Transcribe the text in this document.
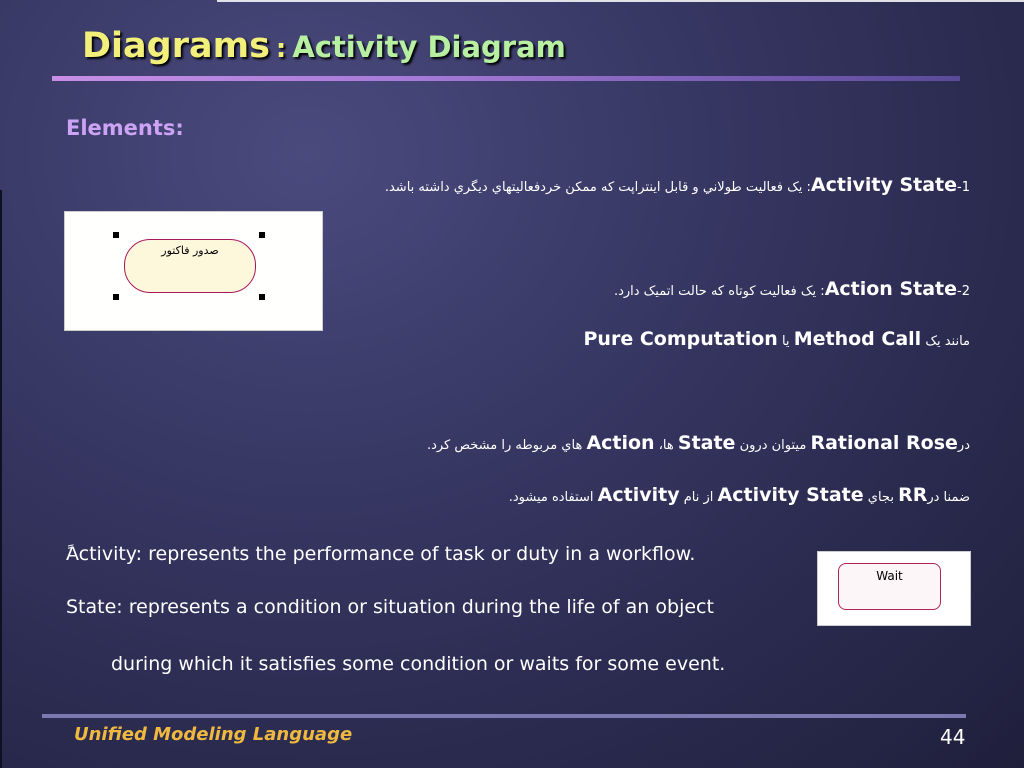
Diagrams : Activity Diagram
Elements:
1-Activity State: یک فعالیت طولاني و قابل اینتراپت که ممکن خردفعالیتهاي دیگري داشته باشد.
صدور فاکتور
2-Action State: یک فعالیت کوتاه که حالت اتمیک دارد.
مانند یک Method Call یا Pure Computation
درRational Rose میتوان درون State ها، Action هاي مربوطه را مشخص کرد.
ضمنا درRR بجاي Activity State از نام Activity استفاده میشود.
ًActivity: represents the performance of task or duty in a workflow.
State: represents a condition or situation during the life of an object
during which it satisfies some condition or waits for some event.
Wait
Unified Modeling Language	44
